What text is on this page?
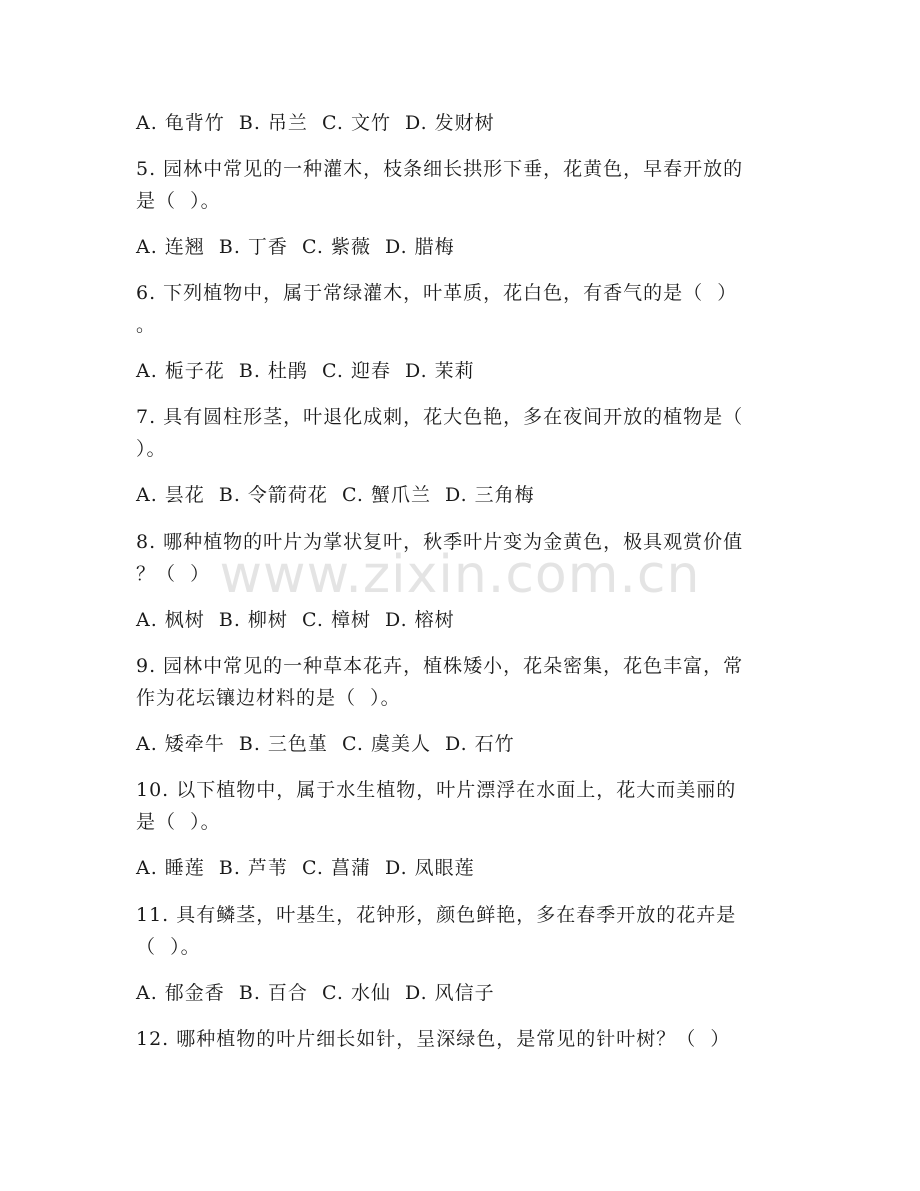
A. 龟背竹  B. 吊兰  C. 文竹  D. 发财树
5. 园林中常见的一种灌木，枝条细长拱形下垂，花黄色，早春开放的
是（  ）。
A. 连翘  B. 丁香  C. 紫薇  D. 腊梅
6. 下列植物中，属于常绿灌木，叶革质，花白色，有香气的是（  ）
。
A. 栀子花  B. 杜鹃  C. 迎春  D. 茉莉
7. 具有圆柱形茎，叶退化成刺，花大色艳，多在夜间开放的植物是（
）。
A. 昙花  B. 令箭荷花  C. 蟹爪兰  D. 三角梅
8. 哪种植物的叶片为掌状复叶，秋季叶片变为金黄色，极具观赏价值
？（  ）
A. 枫树  B. 柳树  C. 樟树  D. 榕树
9. 园林中常见的一种草本花卉，植株矮小，花朵密集，花色丰富，常
作为花坛镶边材料的是（  ）。
A. 矮牵牛  B. 三色堇  C. 虞美人  D. 石竹
10. 以下植物中，属于水生植物，叶片漂浮在水面上，花大而美丽的
是（  ）。
A. 睡莲  B. 芦苇  C. 菖蒲  D. 凤眼莲
11. 具有鳞茎，叶基生，花钟形，颜色鲜艳，多在春季开放的花卉是
（  ）。
A. 郁金香  B. 百合  C. 水仙  D. 风信子
12. 哪种植物的叶片细长如针，呈深绿色，是常见的针叶树？（  ）
www.zixin.com.cn
